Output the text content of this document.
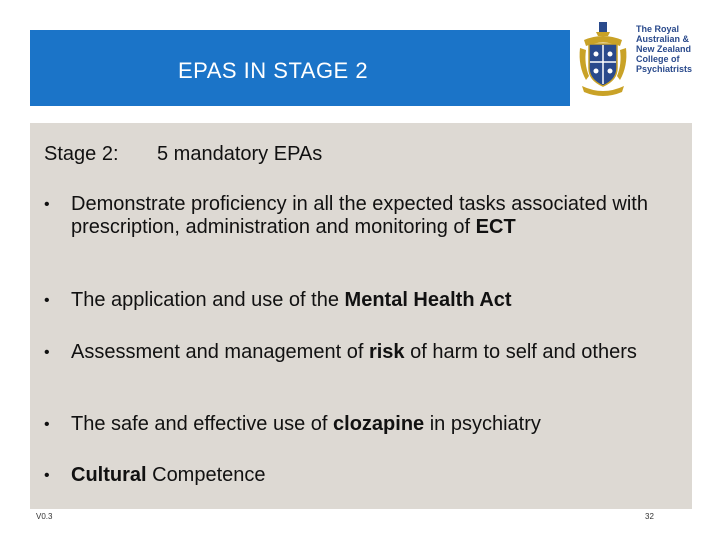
EPAS IN STAGE 2
The Royal
Australian &
New Zealand
College of
Psychiatrists
Stage 2: 5 mandatory EPAs
• Demonstrate proficiency in all the expected tasks associated with prescription, administration and monitoring of ECT
• The application and use of the Mental Health Act
• Assessment and management of risk of harm to self and others
• The safe and effective use of clozapine in psychiatry
• Cultural Competence
V0.3	32
